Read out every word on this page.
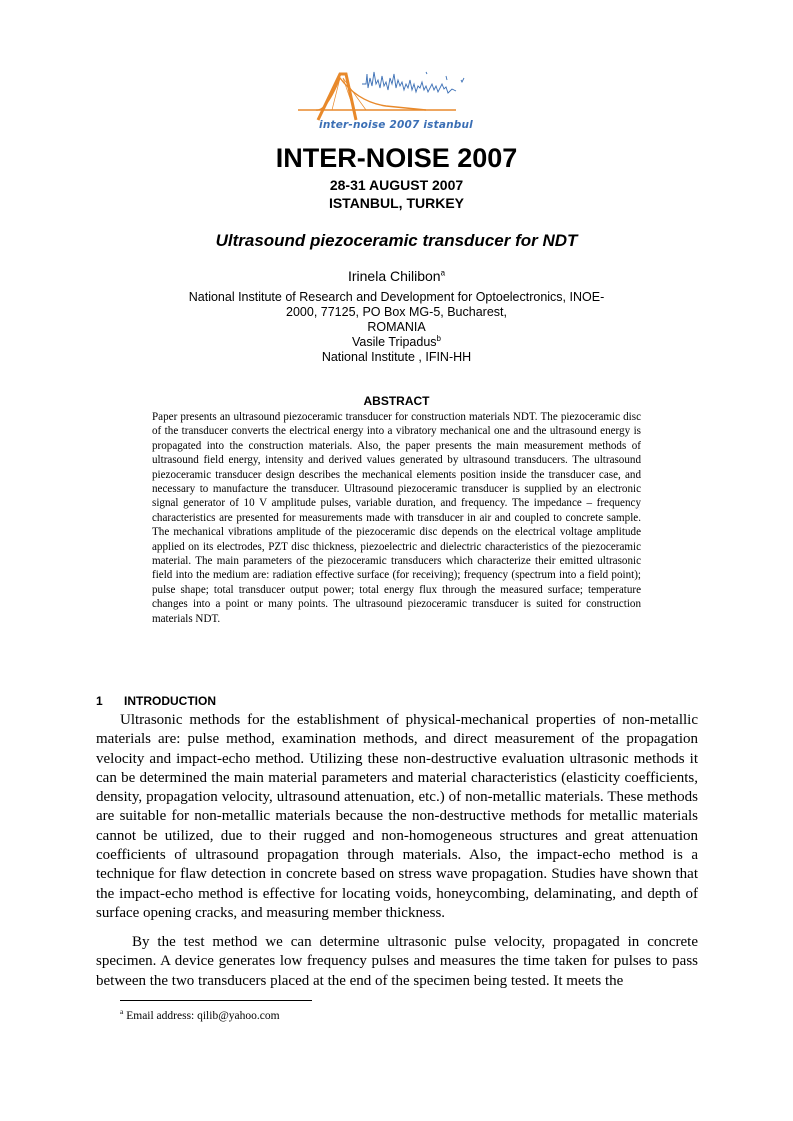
inter-noise 2007 istanbul
INTER-NOISE 2007
28-31 AUGUST 2007
ISTANBUL, TURKEY
Ultrasound piezoceramic transducer for NDT
Irinela Chilibon$^a$
National Institute of Research and Development for Optoelectronics, INOE-
2000, 77125, PO Box MG-5, Bucharest,
ROMANIA
Vasile Tripadus$^b$
National Institute , IFIN-HH
ABSTRACT

Paper presents an ultrasound piezoceramic transducer for construction materials NDT. The piezoceramic disc of the transducer converts the electrical energy into a vibratory mechanical one and the ultrasound energy is propagated into the construction materials. Also, the paper presents the main measurement methods of ultrasound field energy, intensity and derived values generated by ultrasound transducers. The ultrasound piezoceramic transducer design describes the mechanical elements position inside the transducer case, and necessary to manufacture the transducer. Ultrasound piezoceramic transducer is supplied by an electronic signal generator of 10 V amplitude pulses, variable duration, and frequency. The impedance – frequency characteristics are presented for measurements made with transducer in air and coupled to concrete sample. The mechanical vibrations amplitude of the piezoceramic disc depends on the electrical voltage amplitude applied on its electrodes, PZT disc thickness, piezoelectric and dielectric characteristics of the piezoceramic material. The main parameters of the piezoceramic transducers which characterize their emitted ultrasonic field into the medium are: radiation effective surface (for receiving); frequency (spectrum into a field point); pulse shape; total transducer output power; total energy flux through the measured surface; temperature changes into a point or many points. The ultrasound piezoceramic transducer is suited for construction materials NDT.

1 INTRODUCTION

Ultrasonic methods for the establishment of physical-mechanical properties of non-metallic materials are: pulse method, examination methods, and direct measurement of the propagation velocity and impact-echo method. Utilizing these non-destructive evaluation ultrasonic methods it can be determined the main material parameters and material characteristics (elasticity coefficients, density, propagation velocity, ultrasound attenuation, etc.) of non-metallic materials. These methods are suitable for non-metallic materials because the non-destructive methods for metallic materials cannot be utilized, due to their rugged and non-homogeneous structures and great attenuation coefficients of ultrasound propagation through materials. Also, the impact-echo method is a technique for flaw detection in concrete based on stress wave propagation. Studies have shown that the impact-echo method is effective for locating voids, honeycombing, delaminating, and depth of surface opening cracks, and measuring member thickness.

By the test method we can determine ultrasonic pulse velocity, propagated in concrete specimen. A device generates low frequency pulses and measures the time taken for pulses to pass between the two transducers placed at the end of the specimen being tested. It meets the

$^a$ Email address: qilib@yahoo.com
